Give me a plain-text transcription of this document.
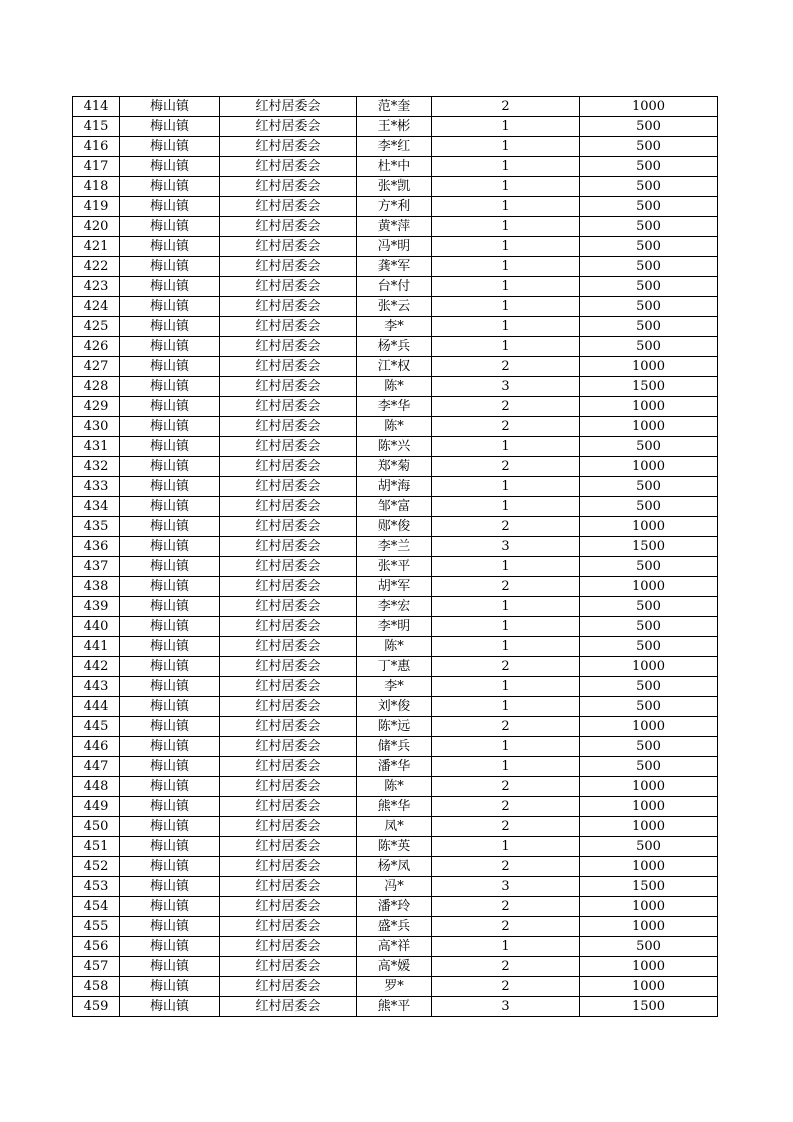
414	梅山镇	红村居委会	范*奎	2	1000
415	梅山镇	红村居委会	王*彬	1	500
416	梅山镇	红村居委会	李*红	1	500
417	梅山镇	红村居委会	杜*中	1	500
418	梅山镇	红村居委会	张*凯	1	500
419	梅山镇	红村居委会	方*利	1	500
420	梅山镇	红村居委会	黄*萍	1	500
421	梅山镇	红村居委会	冯*明	1	500
422	梅山镇	红村居委会	龚*军	1	500
423	梅山镇	红村居委会	台*付	1	500
424	梅山镇	红村居委会	张*云	1	500
425	梅山镇	红村居委会	李*	1	500
426	梅山镇	红村居委会	杨*兵	1	500
427	梅山镇	红村居委会	江*权	2	1000
428	梅山镇	红村居委会	陈*	3	1500
429	梅山镇	红村居委会	李*华	2	1000
430	梅山镇	红村居委会	陈*	2	1000
431	梅山镇	红村居委会	陈*兴	1	500
432	梅山镇	红村居委会	郑*菊	2	1000
433	梅山镇	红村居委会	胡*海	1	500
434	梅山镇	红村居委会	邹*富	1	500
435	梅山镇	红村居委会	郧*俊	2	1000
436	梅山镇	红村居委会	李*兰	3	1500
437	梅山镇	红村居委会	张*平	1	500
438	梅山镇	红村居委会	胡*军	2	1000
439	梅山镇	红村居委会	李*宏	1	500
440	梅山镇	红村居委会	李*明	1	500
441	梅山镇	红村居委会	陈*	1	500
442	梅山镇	红村居委会	丁*惠	2	1000
443	梅山镇	红村居委会	李*	1	500
444	梅山镇	红村居委会	刘*俊	1	500
445	梅山镇	红村居委会	陈*远	2	1000
446	梅山镇	红村居委会	储*兵	1	500
447	梅山镇	红村居委会	潘*华	1	500
448	梅山镇	红村居委会	陈*	2	1000
449	梅山镇	红村居委会	熊*华	2	1000
450	梅山镇	红村居委会	凤*	2	1000
451	梅山镇	红村居委会	陈*英	1	500
452	梅山镇	红村居委会	杨*凤	2	1000
453	梅山镇	红村居委会	冯*	3	1500
454	梅山镇	红村居委会	潘*玲	2	1000
455	梅山镇	红村居委会	盛*兵	2	1000
456	梅山镇	红村居委会	高*祥	1	500
457	梅山镇	红村居委会	高*媛	2	1000
458	梅山镇	红村居委会	罗*	2	1000
459	梅山镇	红村居委会	熊*平	3	1500
